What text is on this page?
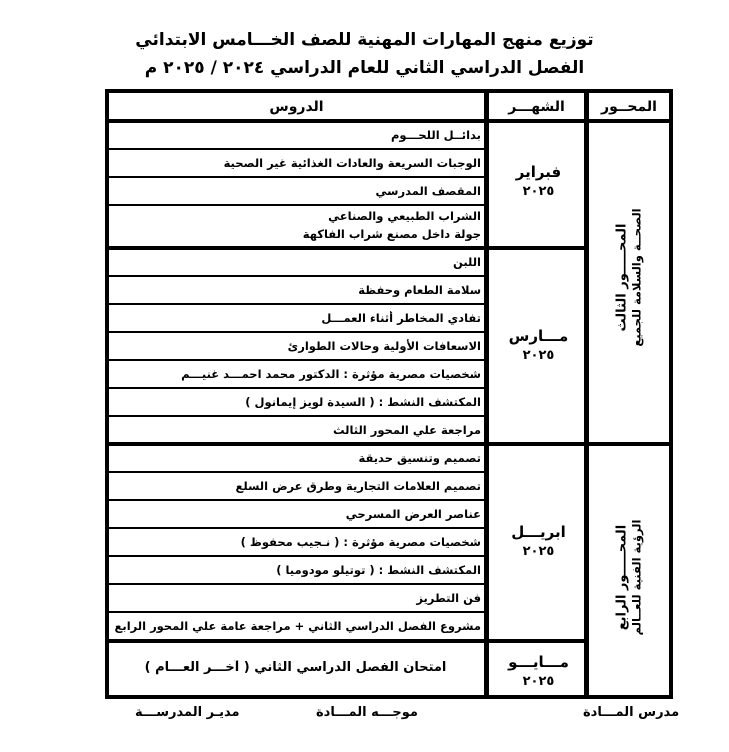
توزيع منهج المهارات المهنية للصف الخـــامس الابتدائي
الفصل الدراسي الثاني للعام الدراسي ٢٠٢٤ / ٢٠٢٥ م
الدروس	الشهـــر	المحــور
بدائــل اللحـــوم
الوجبات السريعة والعادات الغذائية غير الصحية
المقصف المدرسي
الشراب الطبيعي والصناعي
جولة داخل مصنع شراب الفاكهة
اللبن
سلامة الطعام وحفظة
تفادي المخاطر أثناء العمـــل
الاسعافات الأولية وحالات الطوارئ
شخصيات مصرية مؤثرة : الدكتور محمد احمـــد غنيـــم
المكتشف النشط : ( السيدة لويز إيمانول )
مراجعة علي المحور الثالث
تصميم وتنسيق حديقة
تصميم العلامات التجارية وطرق عرض السلع
عناصر العرض المسرحي
شخصيات مصرية مؤثرة : ( نـجيب محفوظ )
المكتشف النشط : ( توتيلو مودوميا )
فن التطريز
مشروع الفصل الدراسي الثاني + مراجعة عامة علي المحور الرابع
امتحان الفصل الدراسي الثاني ( آخـــر العـــام )
فبراير
٢٠٢٥
مـــارس
٢٠٢٥
ابريـــل
٢٠٢٥
مـــايـــو
٢٠٢٥
المحـــــور الثالث الصحــة والسلامة للجميع
المحـــــور الرابع الرؤية الفنية للعــالم
مدرس المـــادة
موجـــه المـــادة
مديـر المدرســـة
